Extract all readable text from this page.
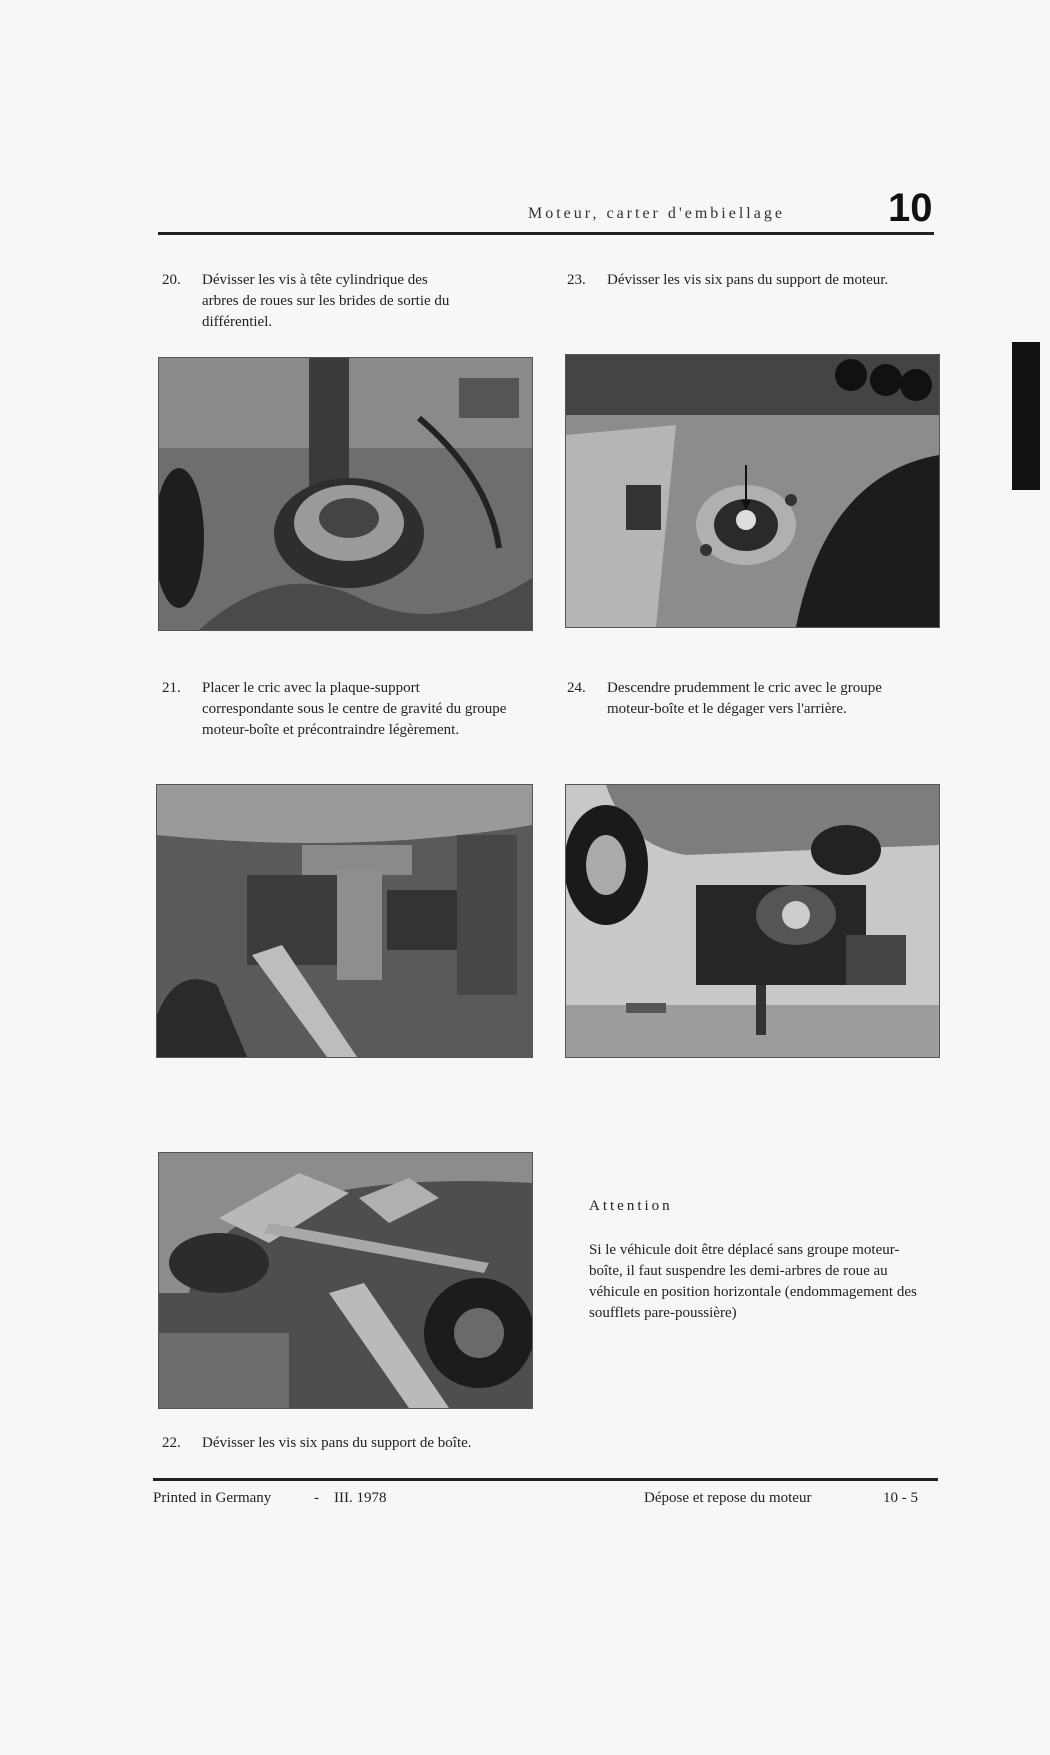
Moteur, carter d'embiellage	10
20.	Dévisser les vis à tête cylindrique des arbres de roues sur les brides de sortie du différentiel.
23.	Dévisser les vis six pans du support de moteur.
21.	Placer le cric avec la plaque-support correspondante sous le centre de gravité du groupe moteur-boîte et précontraindre légèrement.
24.	Descendre prudemment le cric avec le groupe moteur-boîte et le dégager vers l'arrière.
Attention
Si le véhicule doit être déplacé sans groupe moteur-boîte, il faut suspendre les demi-arbres de roue au véhicule en position horizontale (endommagement des soufflets pare-poussière)
22.	Dévisser les vis six pans du support de boîte.
Printed in Germany	- III. 1978	Dépose et repose du moteur	10 - 5
